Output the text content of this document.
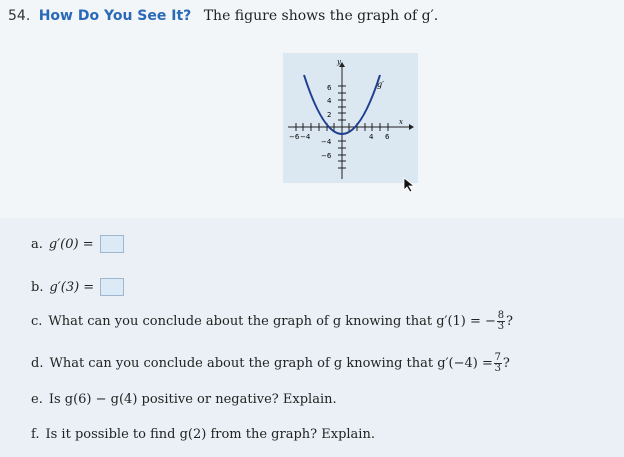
54. How Do You See It? The figure shows the graph of g′.
x
y
6
4
2
−4
−6
−6 −4	4 6
g′
a. g′(0) =
b. g′(3) =
c. What can you conclude about the graph of g knowing that g′(1) = − $\frac{8}{3}$ ?
d. What can you conclude about the graph of g knowing that $g'(-4) = \frac{7}{3}$ ?
e. Is g(6) − g(4) positive or negative? Explain.
f. Is it possible to find g(2) from the graph? Explain.
